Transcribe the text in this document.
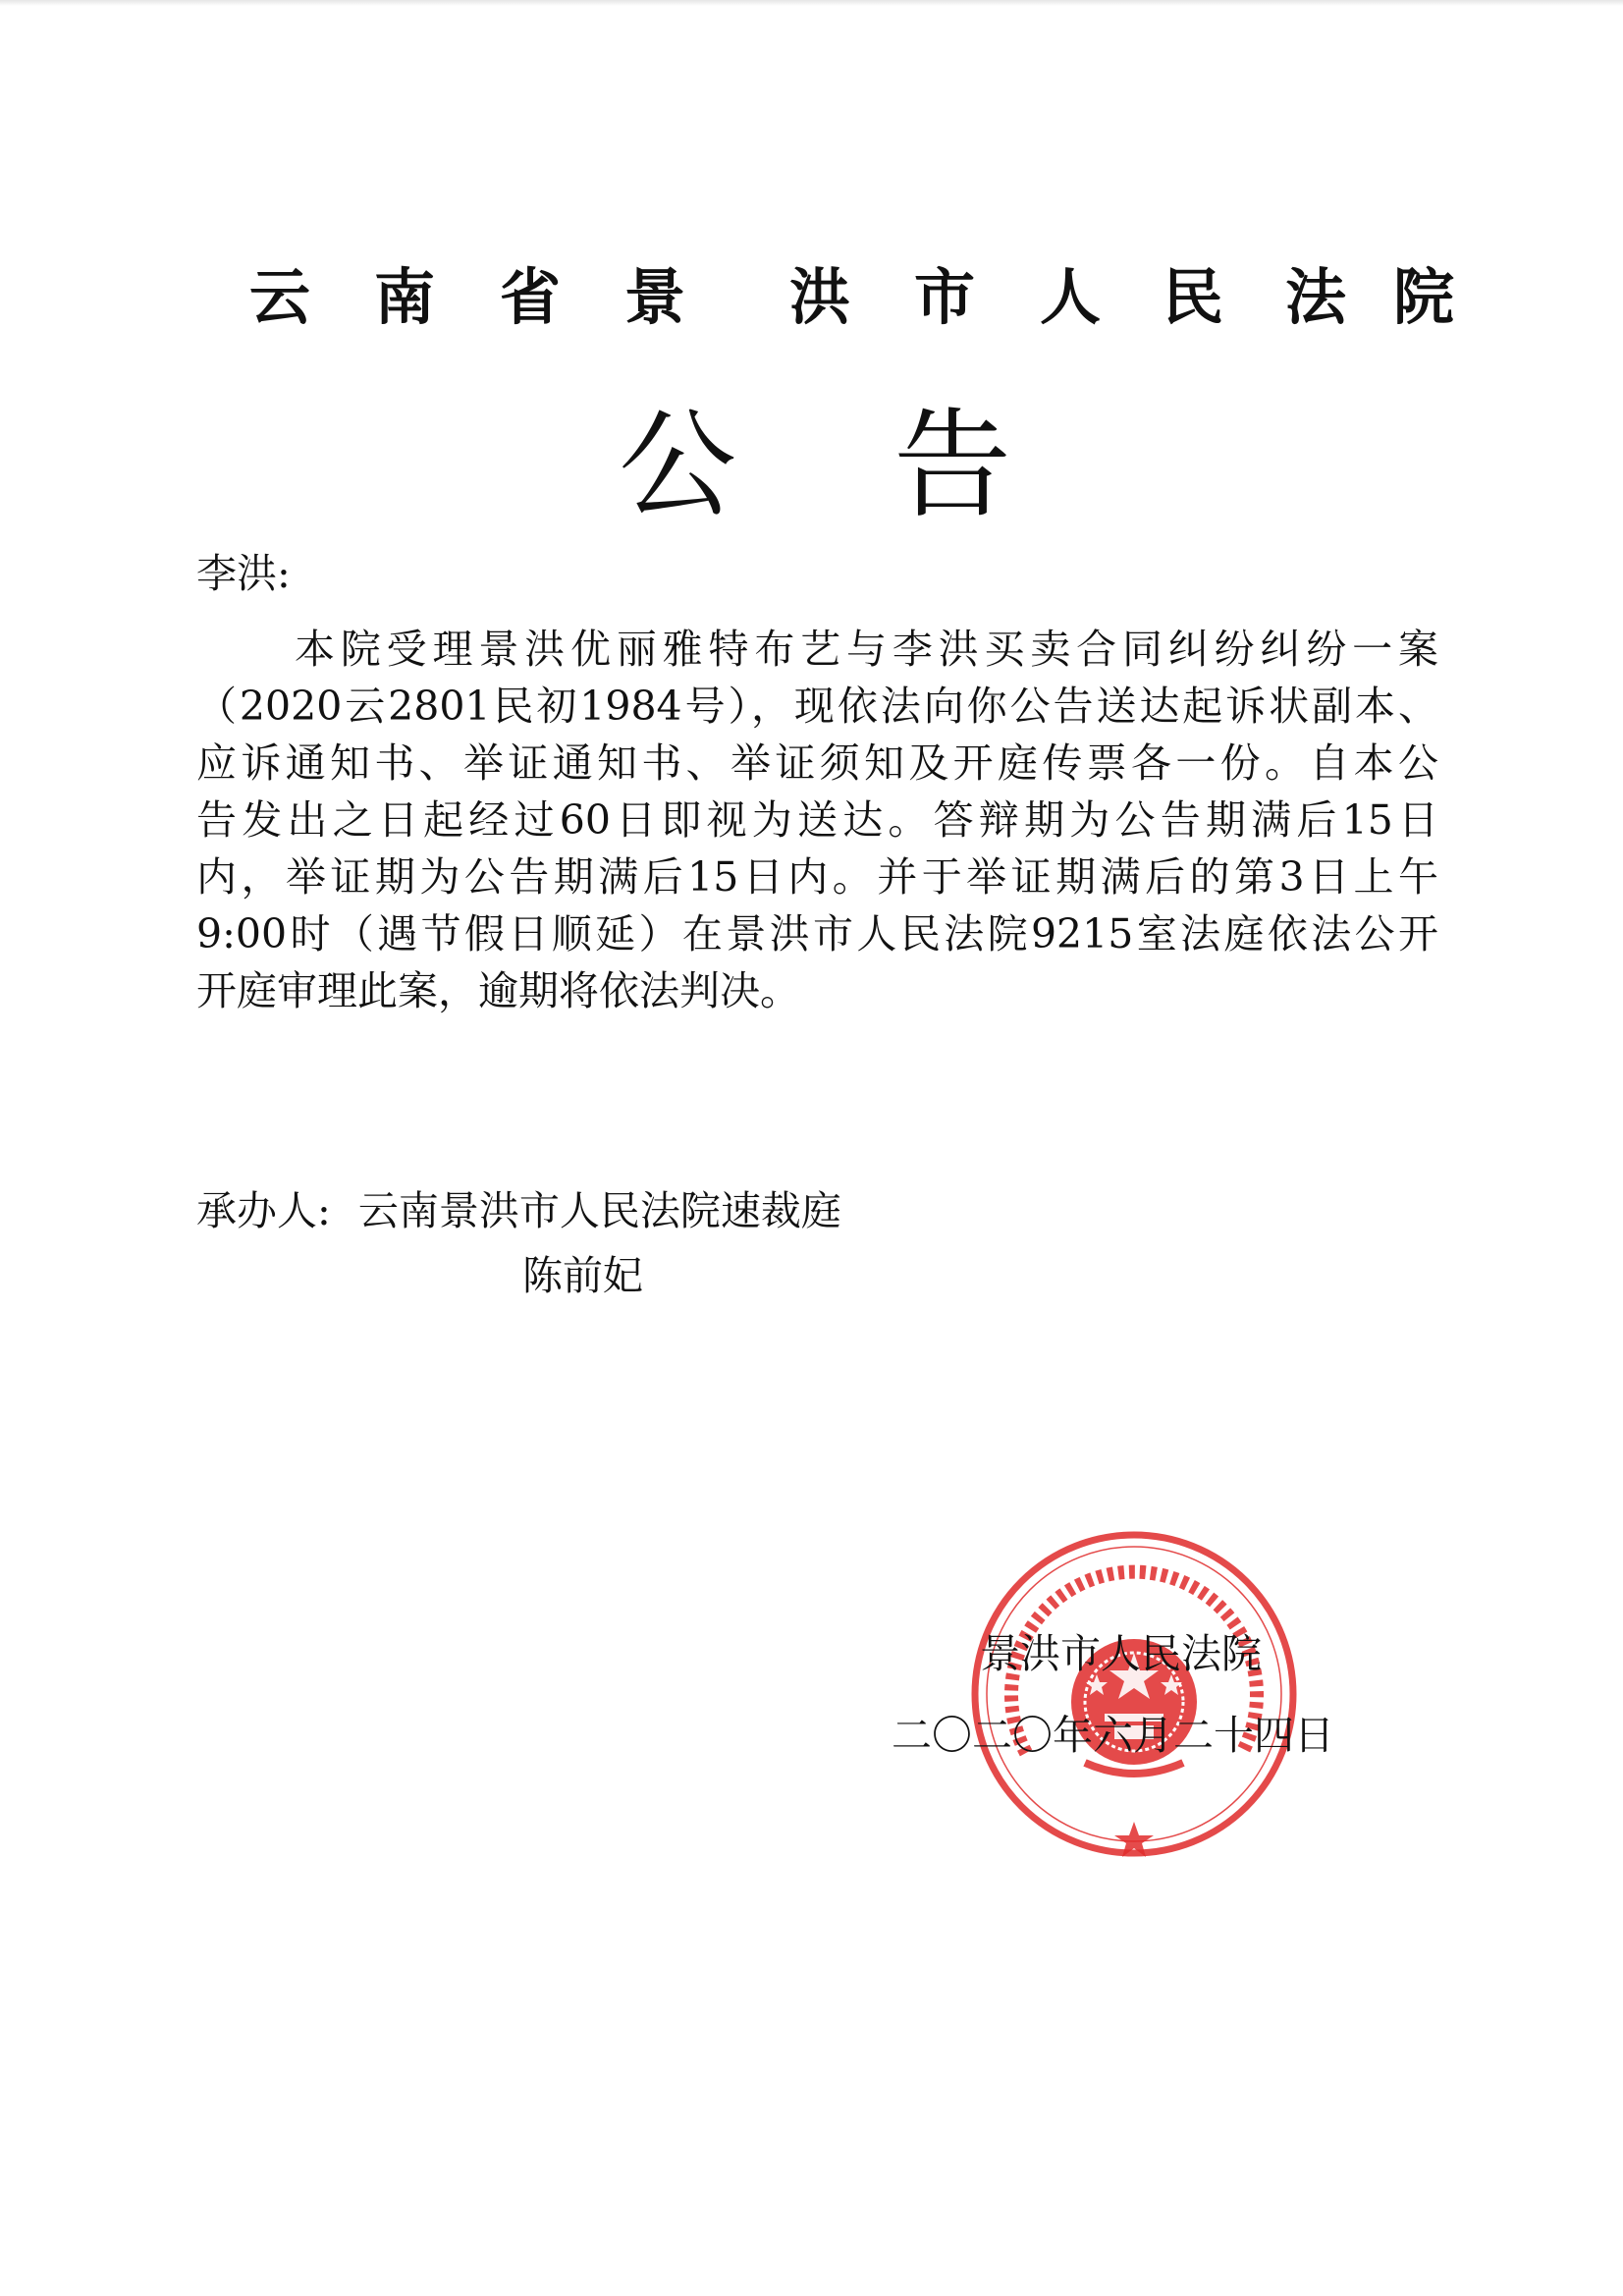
云 南 省 景 洪 市 人 民 法 院
公 告
李洪:
本院受理景洪优丽雅特布艺与李洪买卖合同纠纷纠纷一案
（2020云2801民初1984号），现依法向你公告送达起诉状副本、
应诉通知书、举证通知书、举证须知及开庭传票各一份。自本公
告发出之日起经过60日即视为送达。答辩期为公告期满后15日
内，举证期为公告期满后15日内。并于举证期满后的第3日上午
9:00时（遇节假日顺延）在景洪市人民法院9215室法庭依法公开
开庭审理此案，逾期将依法判决。
承办人: 云南景洪市人民法院速裁庭
陈前妃
景洪市人民法院
二〇二〇年六月二十四日
